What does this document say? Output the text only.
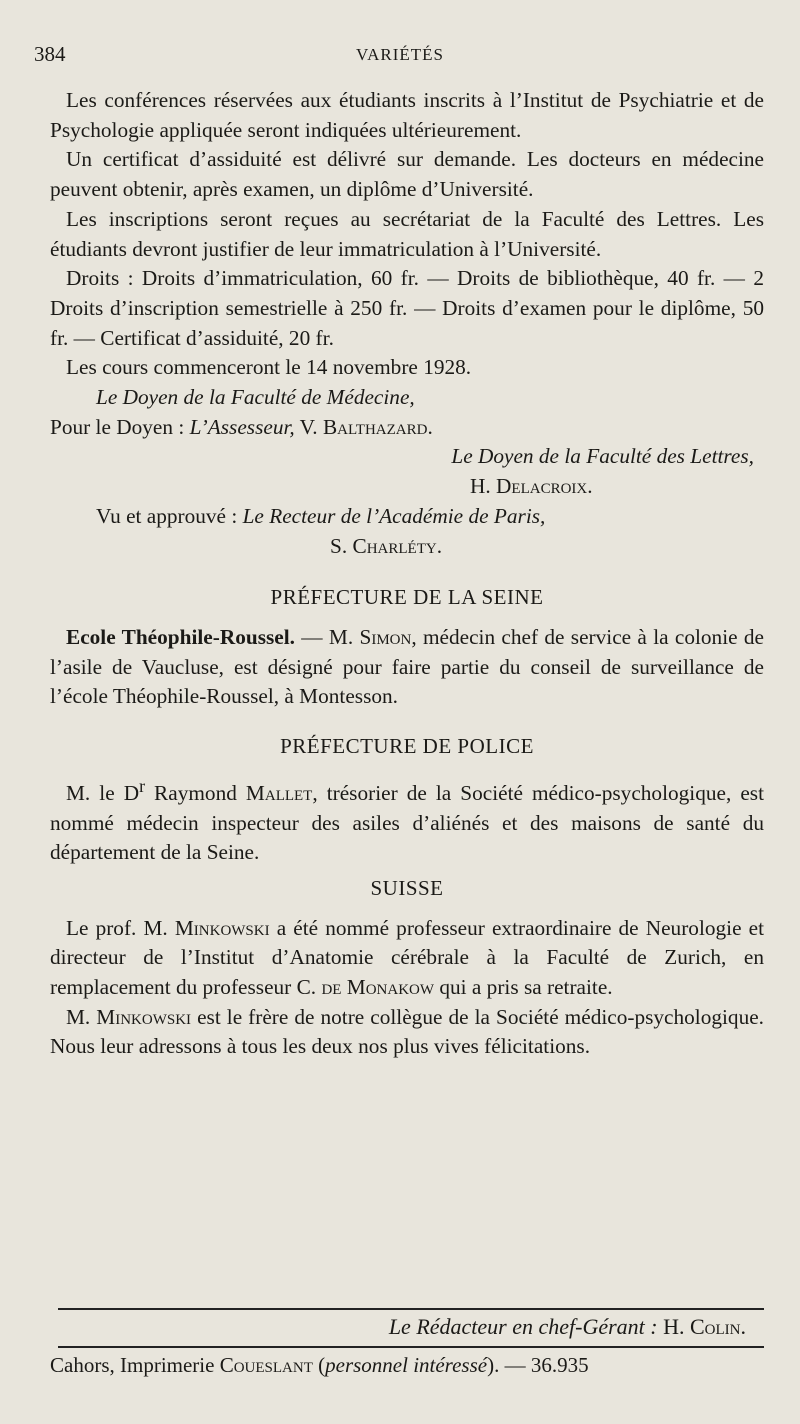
384	VARIÉTÉS

Les conférences réservées aux étudiants inscrits à l’Institut de Psychiatrie et de Psychologie appliquée seront indiquées ultérieurement.

Un certificat d’assiduité est délivré sur demande. Les docteurs en médecine peuvent obtenir, après examen, un diplôme d’Université.

Les inscriptions seront reçues au secrétariat de la Faculté des Lettres. Les étudiants devront justifier de leur immatriculation à l’Université.

Droits : Droits d’immatriculation, 60 fr. — Droits de bibliothèque, 40 fr. — 2 Droits d’inscription semestrielle à 250 fr. — Droits d’examen pour le diplôme, 50 fr. — Certificat d’assiduité, 20 fr.

Les cours commenceront le 14 novembre 1928.

Le Doyen de la Faculté de Médecine,
Pour le Doyen : L’Assesseur, V. Balthazard.
Le Doyen de la Faculté des Lettres,
H. Delacroix.
Vu et approuvé : Le Recteur de l’Académie de Paris,
S. Charléty.
PRÉFECTURE DE LA SEINE

Ecole Théophile-Roussel. — M. Simon, médecin chef de service à la colonie de l’asile de Vaucluse, est désigné pour faire partie du conseil de surveillance de l’école Théophile-Roussel, à Montesson.

PRÉFECTURE DE POLICE

M. le $D^r$ Raymond Mallet, trésorier de la Société médico-psychologique, est nommé médecin inspecteur des asiles d’aliénés et des maisons de santé du département de la Seine.

SUISSE

Le prof. M. Minkowski a été nommé professeur extraordinaire de Neurologie et directeur de l’Institut d’Anatomie cérébrale à la Faculté de Zurich, en remplacement du professeur C. de Monakow qui a pris sa retraite.

M. Minkowski est le frère de notre collègue de la Société médico-psychologique. Nous leur adressons à tous les deux nos plus vives félicitations.

Le Rédacteur en chef-Gérant : H. Colin.
Cahors, Imprimerie Coueslant (personnel intéressé). — 36.935
